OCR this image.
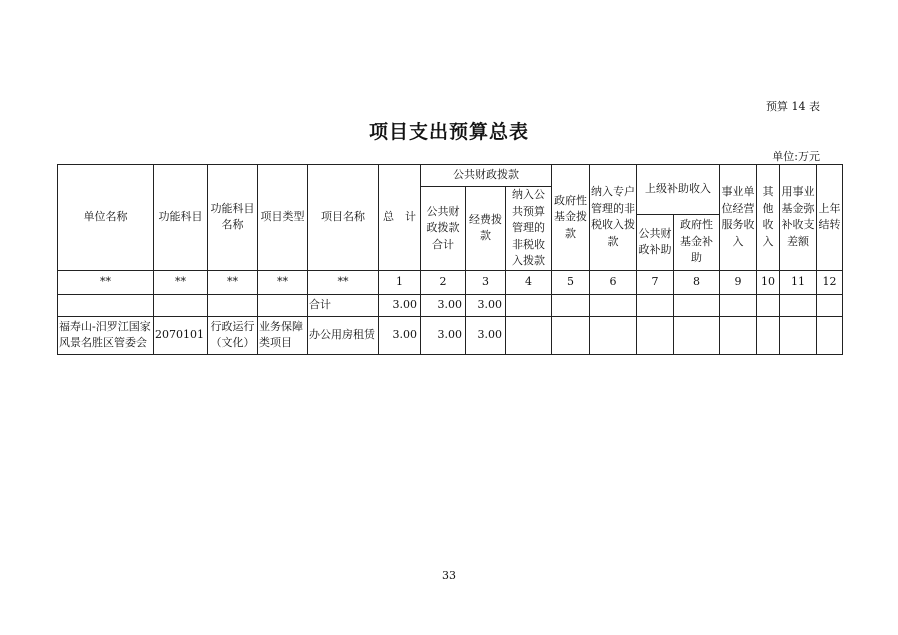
预算 14 表
项目支出预算总表
单位:万元
单位名称	功能科目	功能科目名称	项目类型	项目名称	总　计	公共财政拨款			政府性基金拨款	纳入专户管理的非税收入拨款	上级补助收入		事业单位经营服务收入	其他收入	用事业基金弥补收支差额	上年结转
						公共财政拨款合计	经费拨款	纳入公共预算管理的非税收入拨款								
											公共财政补助	政府性基金补助				
**	**	**	**	**	1	2	3	4	5	6	7	8	9	10	11	12
				合计	3.00	3.00	3.00									
福寿山-汨罗江国家风景名胜区管委会	2070101	行政运行（文化）	业务保障类项目	办公用房租赁	3.00	3.00	3.00									
33
